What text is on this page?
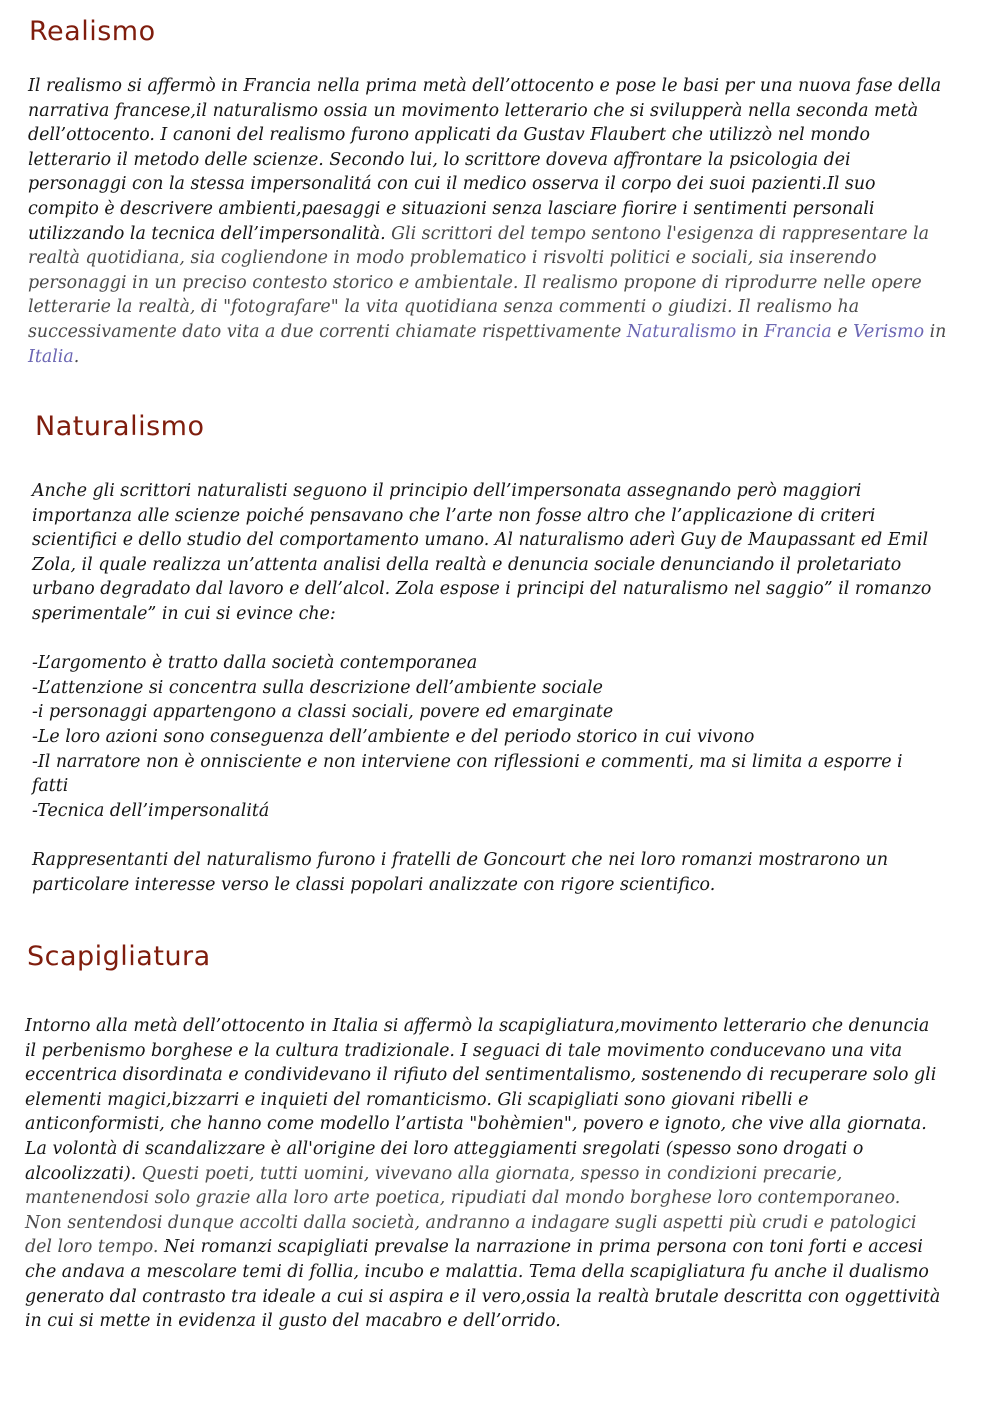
Realismo
Il realismo si affermò in Francia nella prima metà dell’ottocento e pose le basi per una nuova fase della
narrativa francese,il naturalismo ossia un movimento letterario che si svilupperà nella seconda metà
dell’ottocento. I canoni del realismo furono applicati da Gustav Flaubert che utilizzò nel mondo
letterario il metodo delle scienze. Secondo lui, lo scrittore doveva affrontare la psicologia dei
personaggi con la stessa impersonalitá con cui il medico osserva il corpo dei suoi pazienti.Il suo
compito è descrivere ambienti,paesaggi e situazioni senza lasciare fiorire i sentimenti personali
utilizzando la tecnica dell’impersonalità. Gli scrittori del tempo sentono l'esigenza di rappresentare la
realtà quotidiana, sia cogliendone in modo problematico i risvolti politici e sociali, sia inserendo
personaggi in un preciso contesto storico e ambientale. Il realismo propone di riprodurre nelle opere
letterarie la realtà, di "fotografare" la vita quotidiana senza commenti o giudizi. Il realismo ha
successivamente dato vita a due correnti chiamate rispettivamente Naturalismo in Francia e Verismo in
Italia.
Naturalismo
Anche gli scrittori naturalisti seguono il principio dell’impersonata assegnando però maggiori
importanza alle scienze poiché pensavano che l’arte non fosse altro che l’applicazione di criteri
scientifici e dello studio del comportamento umano. Al naturalismo aderì Guy de Maupassant ed Emil
Zola, il quale realizza un’attenta analisi della realtà e denuncia sociale denunciando il proletariato
urbano degradato dal lavoro e dell’alcol. Zola espose i principi del naturalismo nel saggio” il romanzo
sperimentale” in cui si evince che:
-L’argomento è tratto dalla società contemporanea
-L’attenzione si concentra sulla descrizione dell’ambiente sociale
-i personaggi appartengono a classi sociali, povere ed emarginate
-Le loro azioni sono conseguenza dell’ambiente e del periodo storico in cui vivono
-Il narratore non è onnisciente e non interviene con riflessioni e commenti, ma si limita a esporre i
fatti
-Tecnica dell’impersonalitá
Rappresentanti del naturalismo furono i fratelli de Goncourt che nei loro romanzi mostrarono un
particolare interesse verso le classi popolari analizzate con rigore scientifico.
Scapigliatura
Intorno alla metà dell’ottocento in Italia si affermò la scapigliatura,movimento letterario che denuncia
il perbenismo borghese e la cultura tradizionale. I seguaci di tale movimento conducevano una vita
eccentrica disordinata e condividevano il rifiuto del sentimentalismo, sostenendo di recuperare solo gli
elementi magici,bizzarri e inquieti del romanticismo. Gli scapigliati sono giovani ribelli e
anticonformisti, che hanno come modello l’artista "bohèmien", povero e ignoto, che vive alla giornata.
La volontà di scandalizzare è all'origine dei loro atteggiamenti sregolati (spesso sono drogati o
alcoolizzati). Questi poeti, tutti uomini, vivevano alla giornata, spesso in condizioni precarie,
mantenendosi solo grazie alla loro arte poetica, ripudiati dal mondo borghese loro contemporaneo.
Non sentendosi dunque accolti dalla società, andranno a indagare sugli aspetti più crudi e patologici
del loro tempo. Nei romanzi scapigliati prevalse la narrazione in prima persona con toni forti e accesi
che andava a mescolare temi di follia, incubo e malattia. Tema della scapigliatura fu anche il dualismo
generato dal contrasto tra ideale a cui si aspira e il vero,ossia la realtà brutale descritta con oggettività
in cui si mette in evidenza il gusto del macabro e dell’orrido.
